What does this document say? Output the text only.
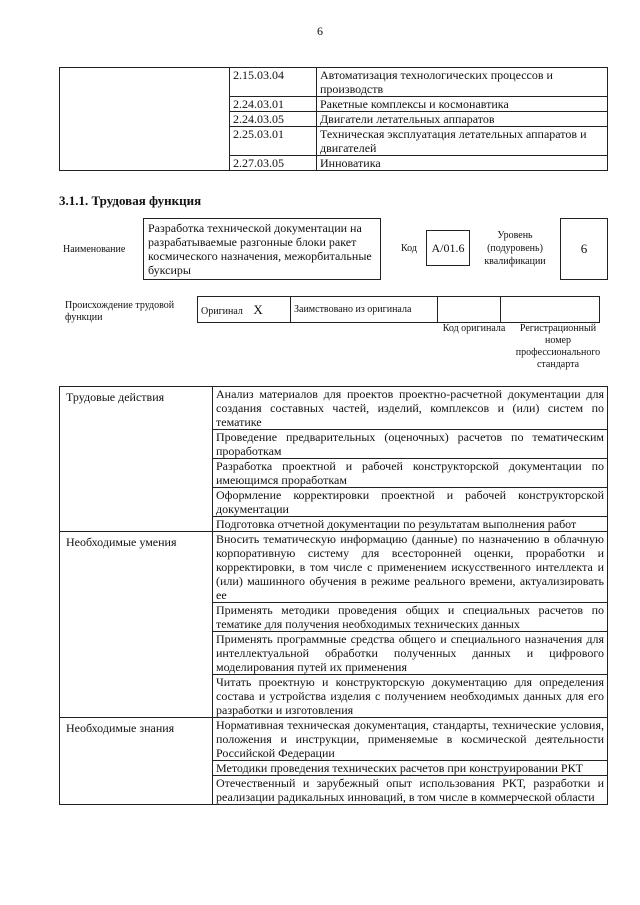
6
	2.15.03.04	Автоматизация технологических процессов и производств
	2.24.03.01	Ракетные комплексы и космонавтика
	2.24.03.05	Двигатели летательных аппаратов
	2.25.03.01	Техническая эксплуатация летательных аппаратов и двигателей
	2.27.03.05	Инноватика
3.1.1. Трудовая функция
Наименование
Разработка технической документации на разрабатываемые разгонные блоки ракет космического назначения, межорбитальные буксиры
Код A/01.6
Уровень (подуровень) квалификации
6
Происхождение трудовой функции
Оригинал X	Заимствовано из оригинала		
Код оригинала	Регистрационный номер профессионального стандарта
Трудовые действия	Анализ материалов для проектов проектно-расчетной документации для создания составных частей, изделий, комплексов и (или) систем по тематике
	Проведение предварительных (оценочных) расчетов по тематическим проработкам
	Разработка проектной и рабочей конструкторской документации по имеющимся проработкам
	Оформление корректировки проектной и рабочей конструкторской документации
	Подготовка отчетной документации по результатам выполнения работ
Необходимые умения	Вносить тематическую информацию (данные) по назначению в облачную корпоративную систему для всесторонней оценки, проработки и корректировки, в том числе с применением искусственного интеллекта и (или) машинного обучения в режиме реального времени, актуализировать ее
	Применять методики проведения общих и специальных расчетов по тематике для получения необходимых технических данных
	Применять программные средства общего и специального назначения для интеллектуальной обработки полученных данных и цифрового моделирования путей их применения
	Читать проектную и конструкторскую документацию для определения состава и устройства изделия с получением необходимых данных для его разработки и изготовления
Необходимые знания	Нормативная техническая документация, стандарты, технические условия, положения и инструкции, применяемые в космической деятельности Российской Федерации
	Методики проведения технических расчетов при конструировании РКТ
	Отечественный и зарубежный опыт использования РКТ, разработки и реализации радикальных инноваций, в том числе в коммерческой области
